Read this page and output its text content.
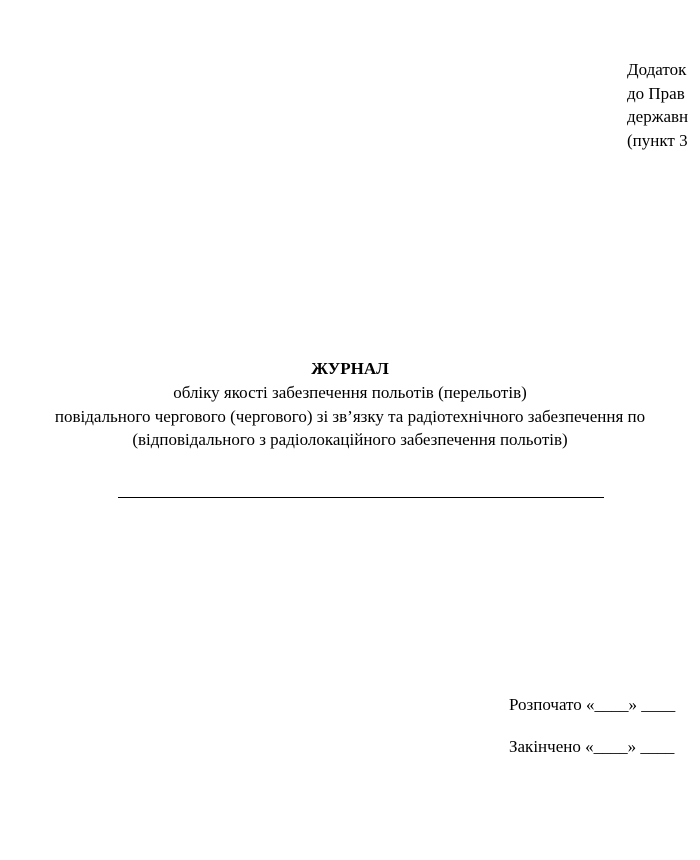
Додаток
до Прав
державн
(пункт 3
ЖУРНАЛ
обліку якості забезпечення польотів (перельотів)
повідального чергового (чергового) зі зв’язку та радіотехнічного забезпечення по
(відповідального з радіолокаційного забезпечення польотів)
Розпочато «____» ____
Закінчено «____» ____
